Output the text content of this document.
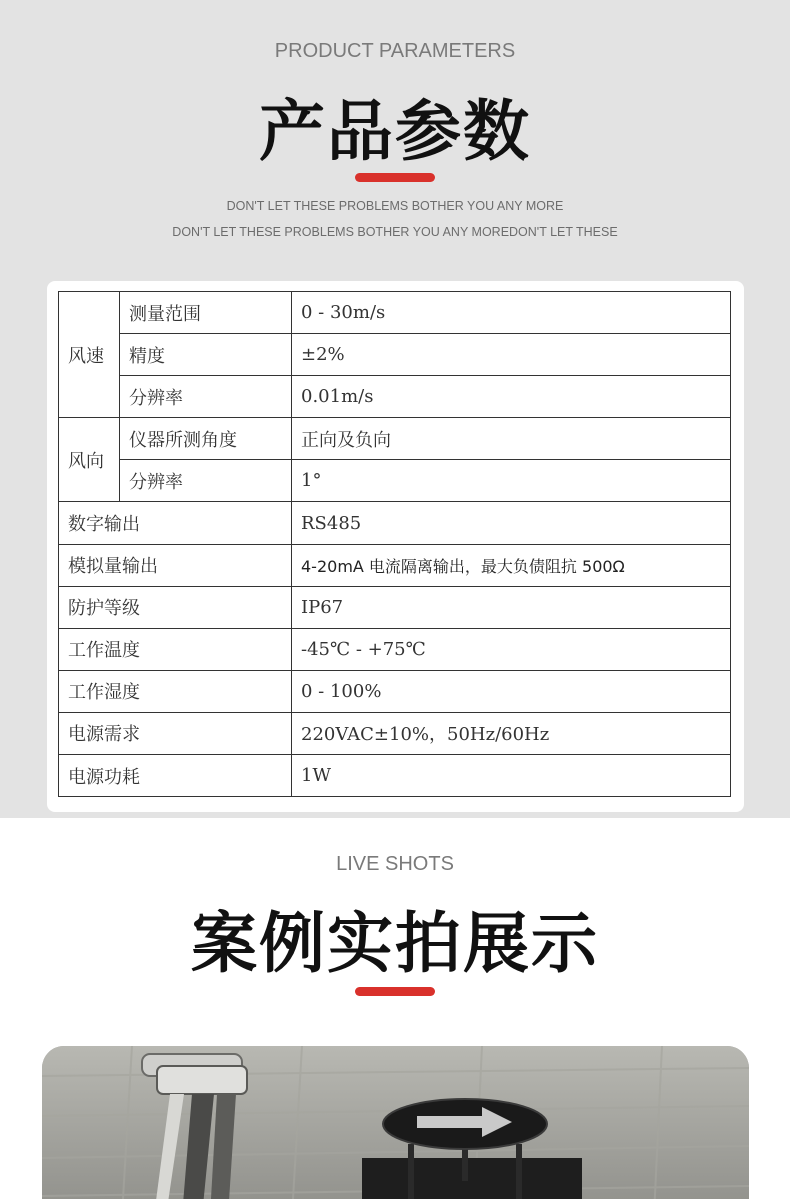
PRODUCT PARAMETERS
产品参数
DON'T LET THESE PROBLEMS BOTHER YOU ANY MORE
DON'T LET THESE PROBLEMS BOTHER YOU ANY MOREDON'T LET THESE
风速	测量范围	0 - 30m/s
	精度	±2%
	分辨率	0.01m/s
风向	仪器所测角度	正向及负向
	分辨率	1°
数字输出		RS485
模拟量输出		4-20mA 电流隔离输出，最大负债阻抗 500Ω
防护等级		IP67
工作温度		-45℃ - +75℃
工作湿度		0 - 100%
电源需求		220VAC±10%，50Hz/60Hz
电源功耗		1W
LIVE SHOTS
案例实拍展示
